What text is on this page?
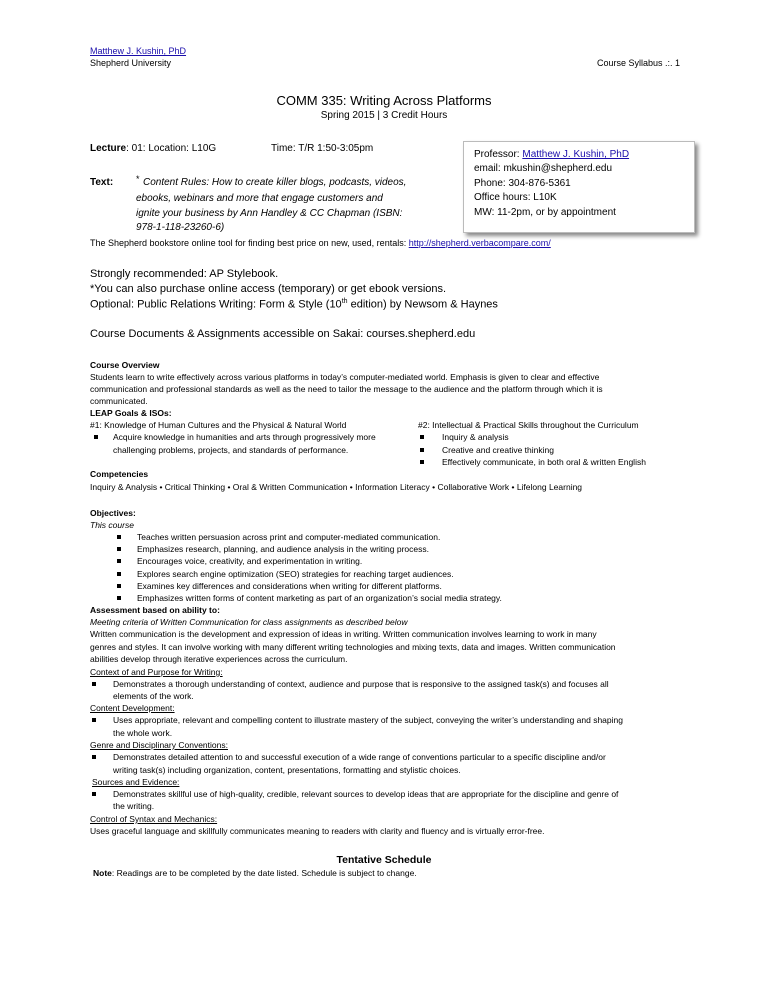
Matthew J. Kushin, PhD
Shepherd University	Course Syllabus .:. 1
COMM 335: Writing Across Platforms
Spring 2015 | 3 Credit Hours
Lecture: 01: Location: L10G	Time: T/R 1:50-3:05pm
Text:	* Content Rules: How to create killer blogs, podcasts, videos,
ebooks, webinars and more that engage customers and
ignite your business by Ann Handley & CC Chapman (ISBN:
978-1-118-23260-6)
The Shepherd bookstore online tool for finding best price on new, used, rentals: http://shepherd.verbacompare.com/
Professor: Matthew J. Kushin, PhD
email: mkushin@shepherd.edu
Phone: 304-876-5361
Office hours: L10K
MW: 11-2pm, or by appointment
Strongly recommended: AP Stylebook.
*You can also purchase online access (temporary) or get ebook versions.
Optional: Public Relations Writing: Form & Style (10th edition) by Newsom & Haynes
Course Documents & Assignments accessible on Sakai: courses.shepherd.edu
Course Overview
Students learn to write effectively across various platforms in today’s computer-mediated world. Emphasis is given to clear and effective
communication and professional standards as well as the need to tailor the message to the audience and the platform through which it is
communicated.
LEAP Goals & ISOs:
#1: Knowledge of Human Cultures and the Physical & Natural World
Acquire knowledge in humanities and arts through progressively more
challenging problems, projects, and standards of performance.
#2: Intellectual & Practical Skills throughout the Curriculum
Inquiry & analysis
Creative and creative thinking
Effectively communicate, in both oral & written English
Competencies
Inquiry & Analysis • Critical Thinking • Oral & Written Communication • Information Literacy • Collaborative Work • Lifelong Learning
Objectives:
This course
Teaches written persuasion across print and computer-mediated communication.
Emphasizes research, planning, and audience analysis in the writing process.
Encourages voice, creativity, and experimentation in writing.
Explores search engine optimization (SEO) strategies for reaching target audiences.
Examines key differences and considerations when writing for different platforms.
Emphasizes written forms of content marketing as part of an organization’s social media strategy.
Assessment based on ability to:
Meeting criteria of Written Communication for class assignments as described below
Written communication is the development and expression of ideas in writing. Written communication involves learning to work in many
genres and styles. It can involve working with many different writing technologies and mixing texts, data and images. Written communication
abilities develop through iterative experiences across the curriculum.
Context of and Purpose for Writing:
Demonstrates a thorough understanding of context, audience and purpose that is responsive to the assigned task(s) and focuses all
elements of the work.
Content Development:
Uses appropriate, relevant and compelling content to illustrate mastery of the subject, conveying the writer’s understanding and shaping
the whole work.
Genre and Disciplinary Conventions:
Demonstrates detailed attention to and successful execution of a wide range of conventions particular to a specific discipline and/or
writing task(s) including organization, content, presentations, formatting and stylistic choices.
Sources and Evidence:
Demonstrates skillful use of high-quality, credible, relevant sources to develop ideas that are appropriate for the discipline and genre of
the writing.
Control of Syntax and Mechanics:
Uses graceful language and skillfully communicates meaning to readers with clarity and fluency and is virtually error-free.
Tentative Schedule
Note: Readings are to be completed by the date listed. Schedule is subject to change.
